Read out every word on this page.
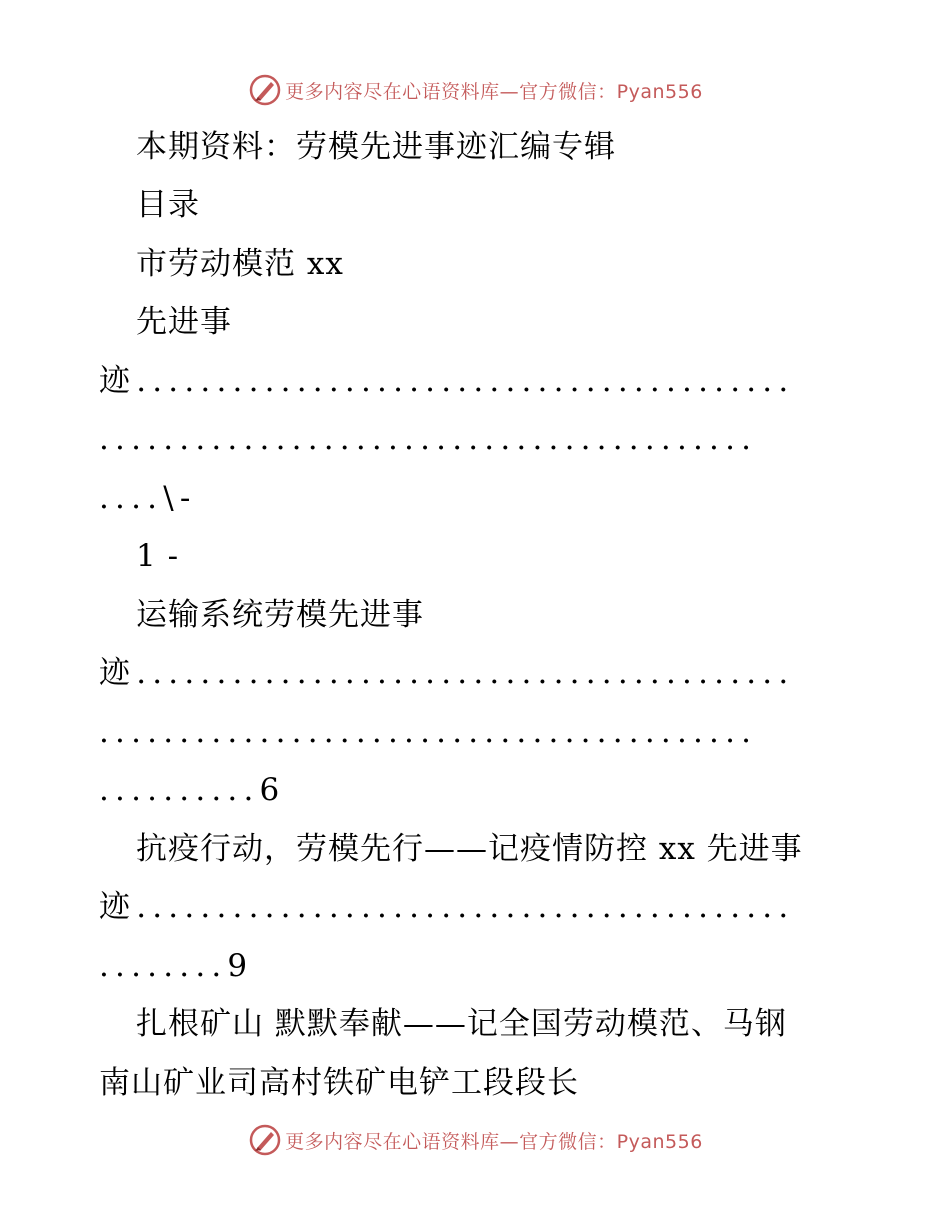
更多内容尽在心语资料库—官方微信：Pyan556
本期资料：劳模先进事迹汇编专辑
目录
市劳动模范 xx
先进事
迹.........................................
.........................................
....\-
1 -
运输系统劳模先进事
迹.........................................
.........................................
..........6
抗疫行动，劳模先行——记疫情防控 xx 先进事
迹.........................................
........9
扎根矿山 默默奉献——记全国劳动模范、马钢
南山矿业司高村铁矿电铲工段段长
更多内容尽在心语资料库—官方微信：Pyan556
